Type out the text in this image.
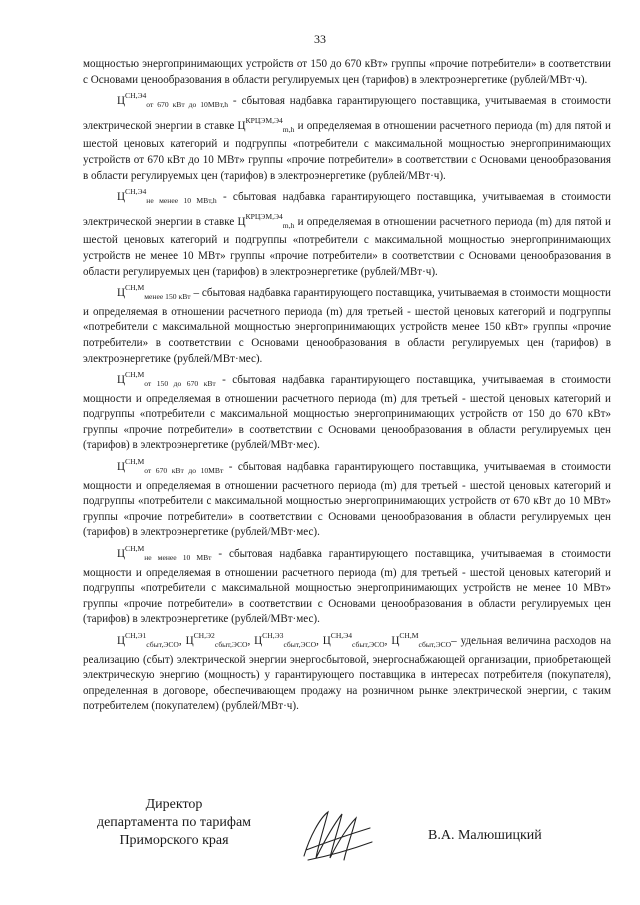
33

мощностью энергопринимающих устройств от 150 до 670 кВт» группы «прочие потребители» в соответствии с Основами ценообразования в области регулируемых цен (тарифов) в электроэнергетике (рублей/МВт·ч).

$Ц^{СН,Э4}_{от 670 кВт до 10МВт,h}$ - сбытовая надбавка гарантирующего поставщика, учитываемая в стоимости электрической энергии в ставке $Ц^{КРЦЭМ,Э4}_{m,h}$ и определяемая в отношении расчетного периода (m) для пятой и шестой ценовых категорий и подгруппы «потребители с максимальной мощностью энергопринимающих устройств от 670 кВт до 10 МВт» группы «прочие потребители» в соответствии с Основами ценообразования в области регулируемых цен (тарифов) в электроэнергетике (рублей/МВт·ч).

$Ц^{СН,Э4}_{не менее 10 МВт,h}$ - сбытовая надбавка гарантирующего поставщика, учитываемая в стоимости электрической энергии в ставке $Ц^{КРЦЭМ,Э4}_{m,h}$ и определяемая в отношении расчетного периода (m) для пятой и шестой ценовых категорий и подгруппы «потребители с максимальной мощностью энергопринимающих устройств не менее 10 МВт» группы «прочие потребители» в соответствии с Основами ценообразования в области регулируемых цен (тарифов) в электроэнергетике (рублей/МВт·ч).

$Ц^{СН,М}_{менее 150 кВт}$ – сбытовая надбавка гарантирующего поставщика, учитываемая в стоимости мощности и определяемая в отношении расчетного периода (m) для третьей - шестой ценовых категорий и подгруппы «потребители с максимальной мощностью энергопринимающих устройств менее 150 кВт» группы «прочие потребители» в соответствии с Основами ценообразования в области регулируемых цен (тарифов) в электроэнергетике (рублей/МВт·мес).

$Ц^{СН,М}_{от 150 до 670 кВт}$ - сбытовая надбавка гарантирующего поставщика, учитываемая в стоимости мощности и определяемая в отношении расчетного периода (m) для третьей - шестой ценовых категорий и подгруппы «потребители с максимальной мощностью энергопринимающих устройств от 150 до 670 кВт» группы «прочие потребители» в соответствии с Основами ценообразования в области регулируемых цен (тарифов) в электроэнергетике (рублей/МВт·мес).

$Ц^{СН,М}_{от 670 кВт до 10МВт}$ - сбытовая надбавка гарантирующего поставщика, учитываемая в стоимости мощности и определяемая в отношении расчетного периода (m) для третьей - шестой ценовых категорий и подгруппы «потребители с максимальной мощностью энергопринимающих устройств от 670 кВт до 10 МВт» группы «прочие потребители» в соответствии с Основами ценообразования в области регулируемых цен (тарифов) в электроэнергетике (рублей/МВт·мес).

$Ц^{СН,М}_{не менее 10 МВт}$ - сбытовая надбавка гарантирующего поставщика, учитываемая в стоимости мощности и определяемая в отношении расчетного периода (m) для третьей - шестой ценовых категорий и подгруппы «потребители с максимальной мощностью энергопринимающих устройств не менее 10 МВт» группы «прочие потребители» в соответствии с Основами ценообразования в области регулируемых цен (тарифов) в электроэнергетике (рублей/МВт·мес).

$Ц^{СН,Э1}_{сбыт,ЭСО}$, $Ц^{СН,Э2}_{сбыт,ЭСО}$, $Ц^{СН,Э3}_{сбыт,ЭСО}$, $Ц^{СН,Э4}_{сбыт,ЭСО}$, $Ц^{СН,М}_{сбыт,ЭСО}-$ удельная величина расходов на реализацию (сбыт) электрической энергии энергосбытовой, энергоснабжающей организации, приобретающей электрическую энергию (мощность) у гарантирующего поставщика в интересах потребителя (покупателя), определенная в договоре, обеспечивающем продажу на розничном рынке электрической энергии, с таким потребителем (покупателем) (рублей/МВт·ч).

Директор
департамента по тарифам
Приморского края	В.А. Малюшицкий
